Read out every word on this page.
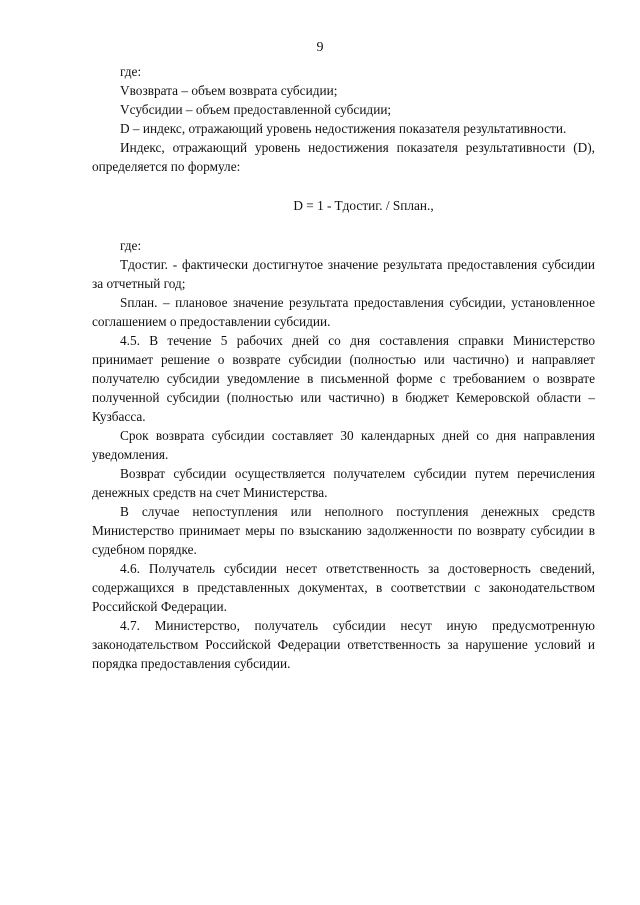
9

где:

Vвозврата – объем возврата субсидии;

Vсубсидии – объем предоставленной субсидии;

D – индекс, отражающий уровень недостижения показателя результативности.

Индекс, отражающий уровень недостижения показателя результативности (D), определяется по формуле:

D = 1 - Tдостиг. / Sплан.,

где:

Tдостиг. - фактически достигнутое значение результата предоставления субсидии за отчетный год;

Sплан. – плановое значение результата предоставления субсидии, установленное соглашением о предоставлении субсидии.

4.5. В течение 5 рабочих дней со дня составления справки Министерство принимает решение о возврате субсидии (полностью или частично) и направляет получателю субсидии уведомление в письменной форме с требованием о возврате полученной субсидии (полностью или частично) в бюджет Кемеровской области – Кузбасса.

Срок возврата субсидии составляет 30 календарных дней со дня направления уведомления.

Возврат субсидии осуществляется получателем субсидии путем перечисления денежных средств на счет Министерства.

В случае непоступления или неполного поступления денежных средств Министерство принимает меры по взысканию задолженности по возврату субсидии в судебном порядке.

4.6. Получатель субсидии несет ответственность за достоверность сведений, содержащихся в представленных документах, в соответствии с законодательством Российской Федерации.

4.7. Министерство, получатель субсидии несут иную предусмотренную законодательством Российской Федерации ответственность за нарушение условий и порядка предоставления субсидии.
